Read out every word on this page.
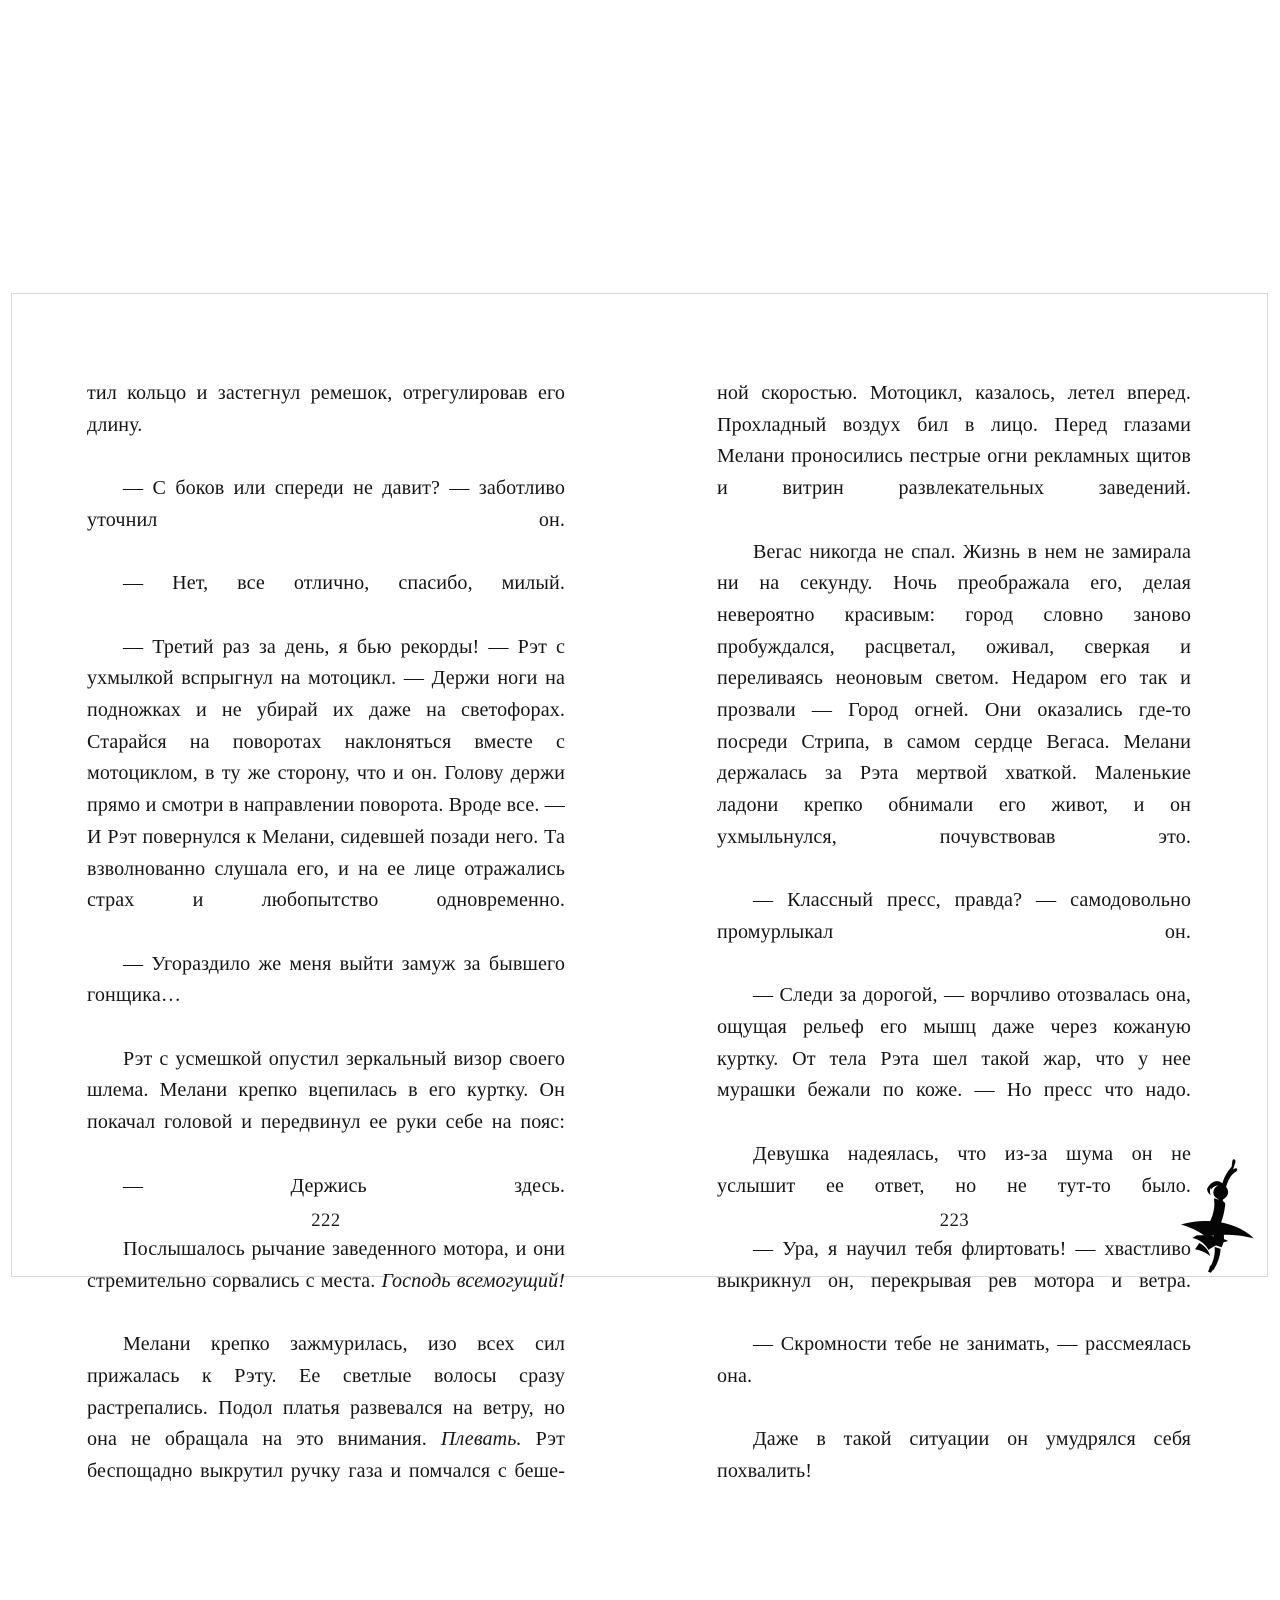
тил кольцо и застегнул ремешок, отрегулировав его длину.

— С боков или спереди не давит? — заботливо уточнил он.

— Нет, все отлично, спасибо, милый.

— Третий раз за день, я бью рекорды! — Рэт с ухмылкой вспрыгнул на мотоцикл. — Держи ноги на подножках и не убирай их даже на светофорах. Старайся на поворотах наклоняться вместе с мотоциклом, в ту же сторону, что и он. Голову держи прямо и смотри в направлении поворота. Вроде все. — И Рэт повернулся к Мелани, сидевшей позади него. Та взволнованно слушала его, и на ее лице отражались страх и любопытство одновременно.

— Угораздило же меня выйти замуж за бывшего гонщика…

Рэт с усмешкой опустил зеркальный визор своего шлема. Мелани крепко вцепилась в его куртку. Он покачал головой и передвинул ее руки себе на пояс:

— Держись здесь.

Послышалось рычание заведенного мотора, и они стремительно сорвались с места. Господь всемогущий!

Мелани крепко зажмурилась, изо всех сил прижалась к Рэту. Ее светлые волосы сразу растрепались. Подол платья развевался на ветру, но она не обращала на это внимания. Плевать. Рэт беспощадно выкрутил ручку газа и помчался с беше-

222

ной скоростью. Мотоцикл, казалось, летел вперед. Прохладный воздух бил в лицо. Перед глазами Мелани проносились пестрые огни рекламных щитов и витрин развлекательных заведений.

Вегас никогда не спал. Жизнь в нем не замирала ни на секунду. Ночь преображала его, делая невероятно красивым: город словно заново пробуждался, расцветал, оживал, сверкая и переливаясь неоновым светом. Недаром его так и прозвали — Город огней. Они оказались где-то посреди Стрипа, в самом сердце Вегаса. Мелани держалась за Рэта мертвой хваткой. Маленькие ладони крепко обнимали его живот, и он ухмыльнулся, почувствовав это.

— Классный пресс, правда? — самодовольно промурлыкал он.

— Следи за дорогой, — ворчливо отозвалась она, ощущая рельеф его мышц даже через кожаную куртку. От тела Рэта шел такой жар, что у нее мурашки бежали по коже. — Но пресс что надо.

Девушка надеялась, что из-за шума он не услышит ее ответ, но не тут-то было.

— Ура, я научил тебя флиртовать! — хвастливо выкрикнул он, перекрывая рев мотора и ветра.

— Скромности тебе не занимать, — рассмеялась она.

Даже в такой ситуации он умудрялся себя похвалить!

223
